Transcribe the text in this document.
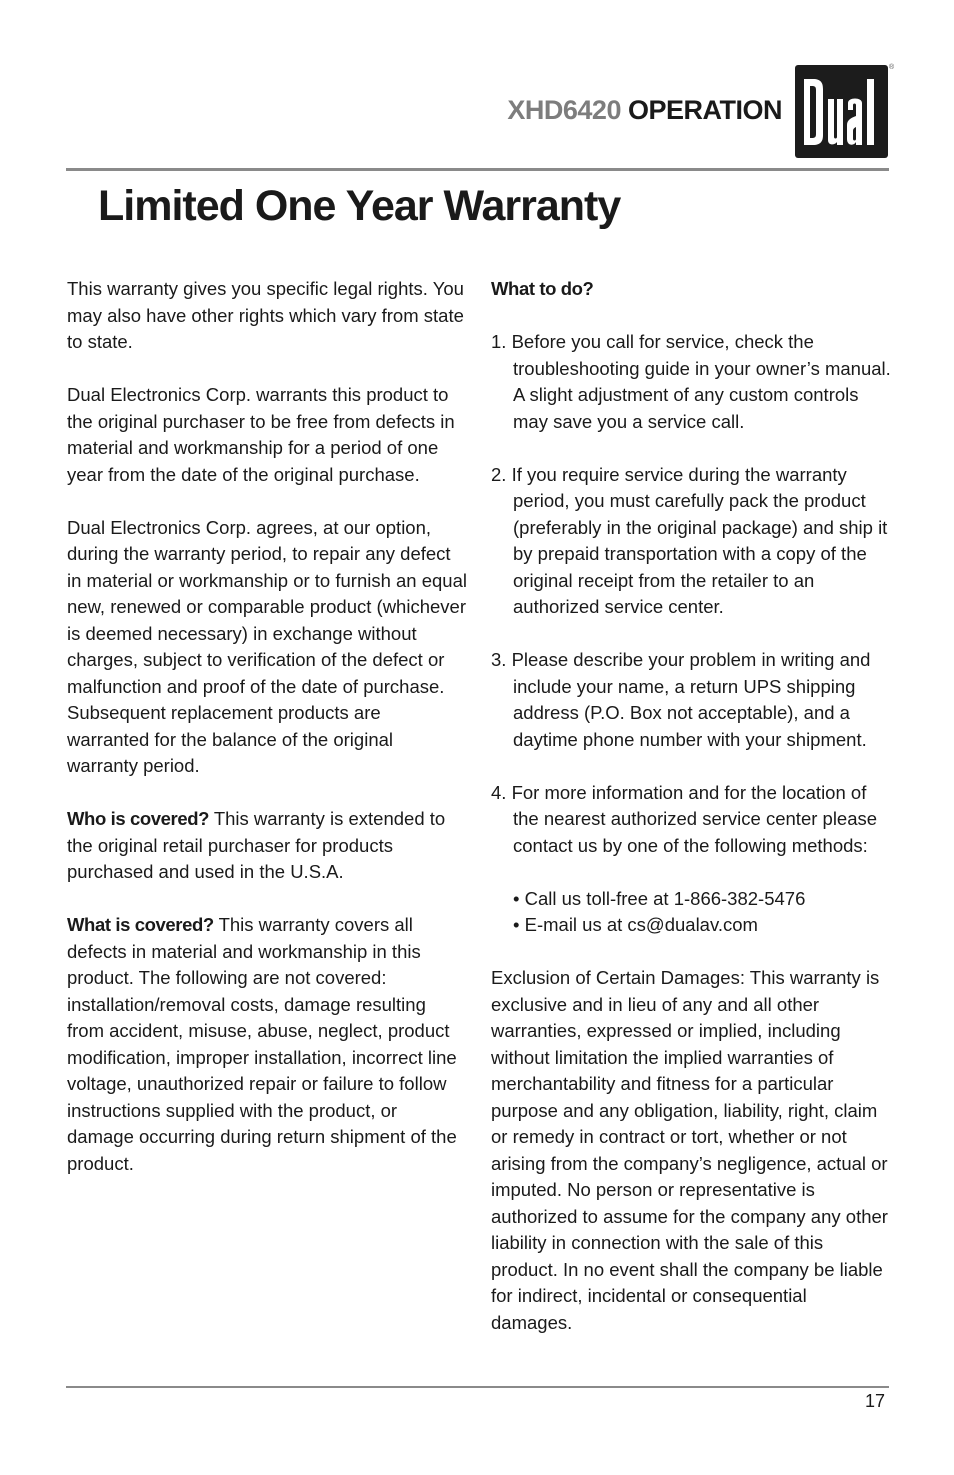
XHD6420 OPERATION
®
Limited One Year Warranty

This warranty gives you specific legal rights. You may also have other rights which vary from state to state.

Dual Electronics Corp. warrants this product to the original purchaser to be free from defects in material and workmanship for a period of one year from the date of the original purchase.

Dual Electronics Corp. agrees, at our option, during the warranty period, to repair any defect in material or workmanship or to furnish an equal new, renewed or comparable product (whichever is deemed necessary) in exchange without charges, subject to verification of the defect or malfunction and proof of the date of purchase. Subsequent replacement products are warranted for the balance of the original warranty period.

Who is covered? This warranty is extended to the original retail purchaser for products purchased and used in the U.S.A.

What is covered? This warranty covers all defects in material and workmanship in this product. The following are not covered: installation/removal costs, damage resulting from accident, misuse, abuse, neglect, product modification, improper installation, incorrect line voltage, unauthorized repair or failure to follow instructions supplied with the product, or damage occurring during return shipment of the product.

What to do?

1. Before you call for service, check the troubleshooting guide in your owner’s manual. A slight adjustment of any custom controls may save you a service call.
2. If you require service during the warranty period, you must carefully pack the product (preferably in the original package) and ship it by prepaid transportation with a copy of the original receipt from the retailer to an authorized service center.
3. Please describe your problem in writing and include your name, a return UPS shipping address (P.O. Box not acceptable), and a daytime phone number with your shipment.
4. For more information and for the location of the nearest authorized service center please contact us by one of the following methods:
• Call us toll-free at 1-866-382-5476
• E-mail us at cs@dualav.com

Exclusion of Certain Damages: This warranty is exclusive and in lieu of any and all other warranties, expressed or implied, including without limitation the implied warranties of merchantability and fitness for a particular purpose and any obligation, liability, right, claim or remedy in contract or tort, whether or not arising from the company’s negligence, actual or imputed. No person or representative is authorized to assume for the company any other liability in connection with the sale of this product. In no event shall the company be liable for indirect, incidental or consequential damages.

17
